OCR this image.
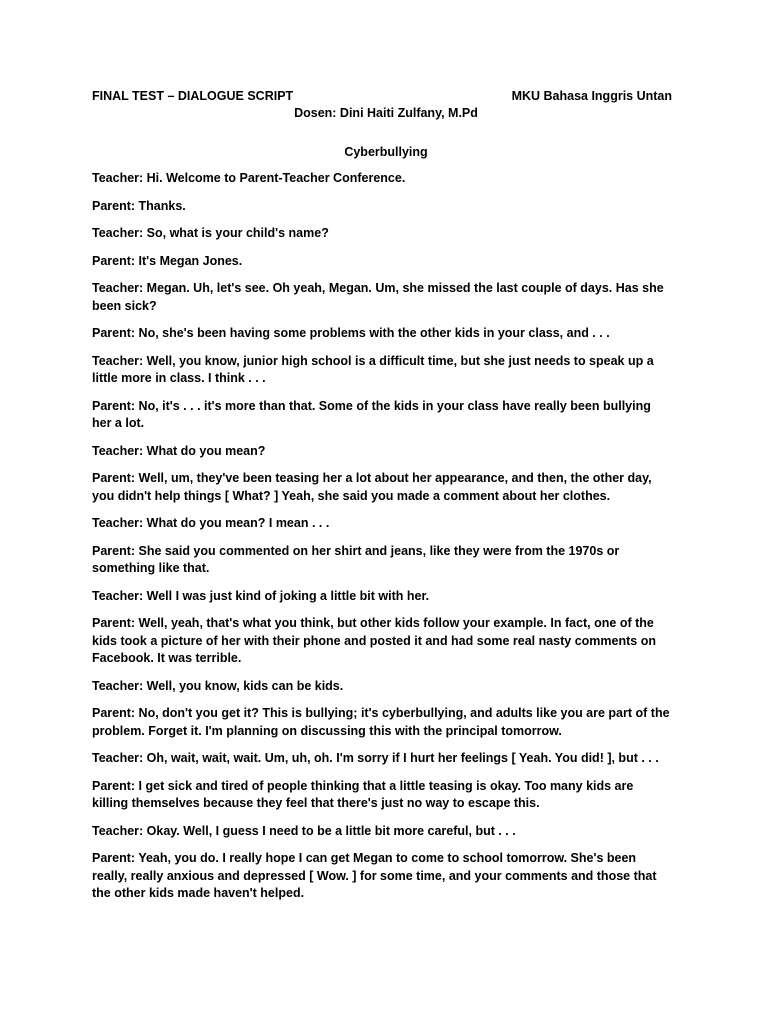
FINAL TEST – DIALOGUE SCRIPT	MKU Bahasa Inggris Untan
Dosen: Dini Haiti Zulfany, M.Pd
Cyberbullying

Teacher: Hi. Welcome to Parent-Teacher Conference.

Parent: Thanks.

Teacher: So, what is your child's name?

Parent: It's Megan Jones.

Teacher: Megan. Uh, let's see. Oh yeah, Megan. Um, she missed the last couple of days. Has she been sick?

Parent: No, she's been having some problems with the other kids in your class, and . . .

Teacher: Well, you know, junior high school is a difficult time, but she just needs to speak up a little more in class. I think . . .

Parent: No, it's . . . it's more than that. Some of the kids in your class have really been bullying her a lot.

Teacher: What do you mean?

Parent: Well, um, they've been teasing her a lot about her appearance, and then, the other day, you didn't help things [ What? ] Yeah, she said you made a comment about her clothes.

Teacher: What do you mean? I mean . . .

Parent: She said you commented on her shirt and jeans, like they were from the 1970s or something like that.

Teacher: Well I was just kind of joking a little bit with her.

Parent: Well, yeah, that's what you think, but other kids follow your example. In fact, one of the kids took a picture of her with their phone and posted it and had some real nasty comments on Facebook. It was terrible.

Teacher: Well, you know, kids can be kids.

Parent: No, don't you get it? This is bullying; it's cyberbullying, and adults like you are part of the problem. Forget it. I'm planning on discussing this with the principal tomorrow.

Teacher: Oh, wait, wait, wait. Um, uh, oh. I'm sorry if I hurt her feelings [ Yeah. You did! ], but . . .

Parent: I get sick and tired of people thinking that a little teasing is okay. Too many kids are killing themselves because they feel that there's just no way to escape this.

Teacher: Okay. Well, I guess I need to be a little bit more careful, but . . .

Parent: Yeah, you do. I really hope I can get Megan to come to school tomorrow. She's been really, really anxious and depressed [ Wow. ] for some time, and your comments and those that the other kids made haven't helped.
